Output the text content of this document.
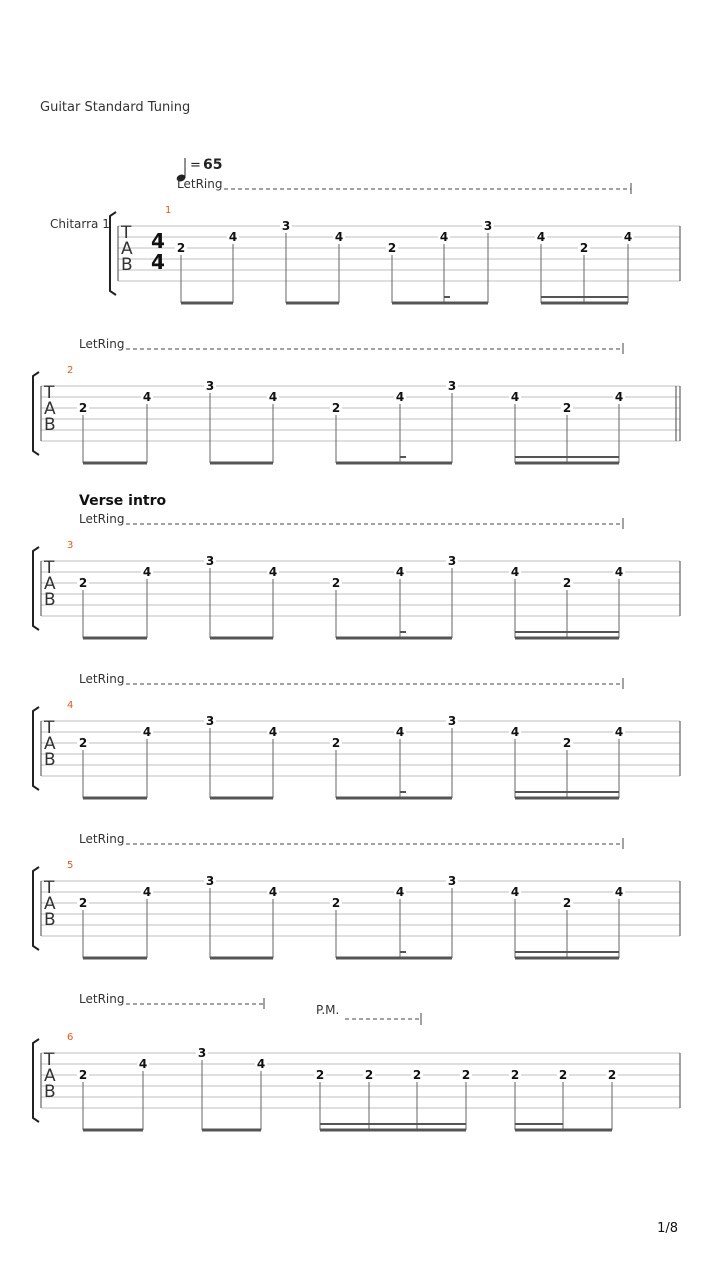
Guitar Standard Tuning
Chitarra 1
Verse intro
1/8
= 65
LetRing
1
T
A
B
4
4
2
4
3
4
2
4
3
4
2
4
LetRing
2
T
A
B
2
4
3
4
2
4
3
4
2
4
LetRing
3
T
A
B
2
4
3
4
2
4
3
4
2
4
LetRing
4
T
A
B
2
4
3
4
2
4
3
4
2
4
LetRing
5
T
A
B
2
4
3
4
2
4
3
4
2
4
LetRing
6
T
A
B
2
4
3
4
2	2	2	2	2	2	2
P.M.
